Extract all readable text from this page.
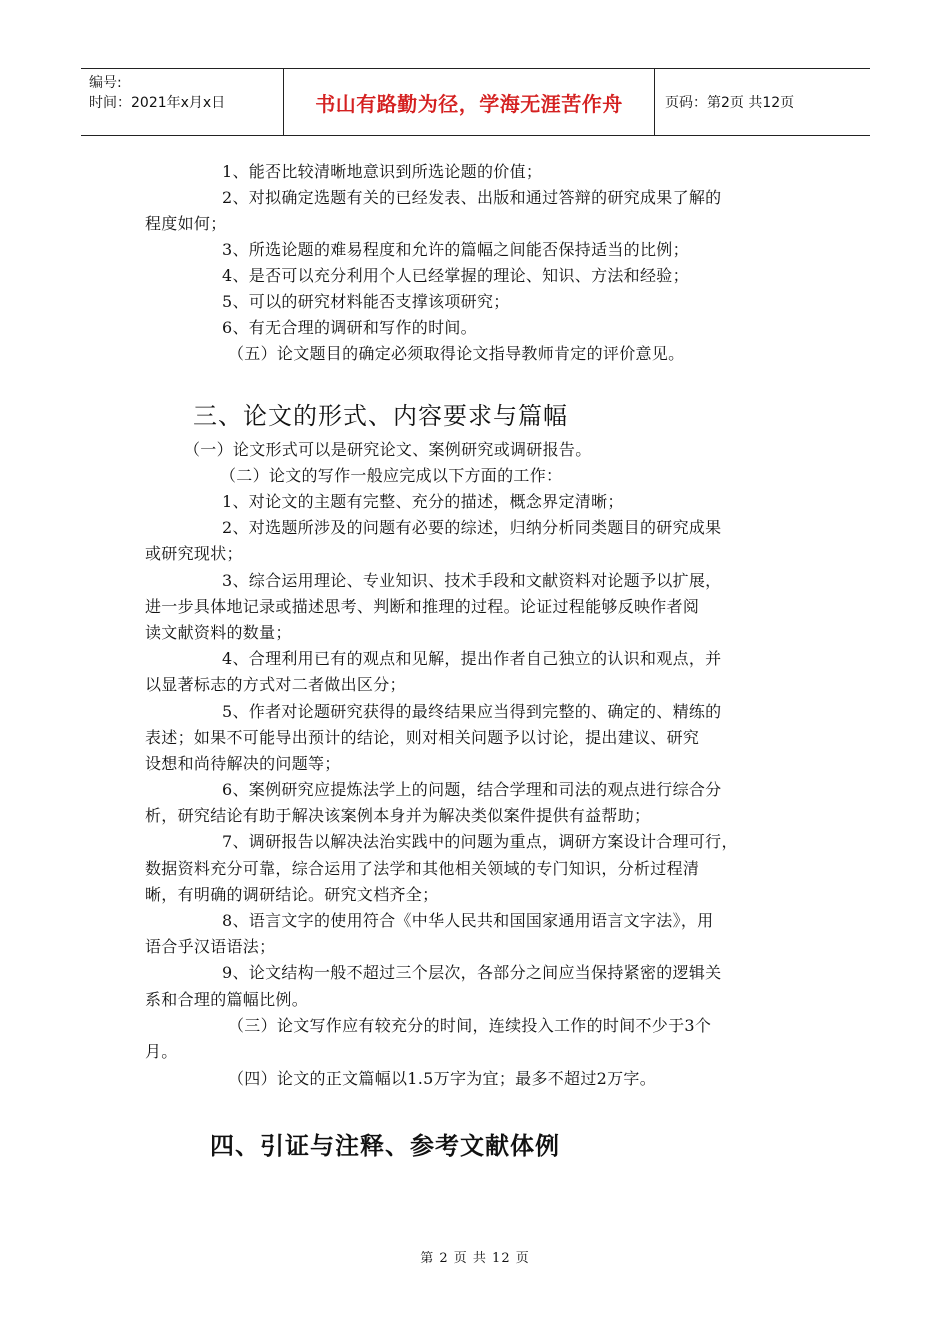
编号:
时间：2021年x月x日	书山有路勤为径，学海无涯苦作舟	页码：第2页 共12页
1、能否比较清晰地意识到所选论题的价值；
2、对拟确定选题有关的已经发表、出版和通过答辩的研究成果了解的
程度如何；
3、所选论题的难易程度和允许的篇幅之间能否保持适当的比例；
4、是否可以充分利用个人已经掌握的理论、知识、方法和经验；
5、可以的研究材料能否支撑该项研究；
6、有无合理的调研和写作的时间。
（五）论文题目的确定必须取得论文指导教师肯定的评价意见。
三、论文的形式、内容要求与篇幅
（一）论文形式可以是研究论文、案例研究或调研报告。
（二）论文的写作一般应完成以下方面的工作：
1、对论文的主题有完整、充分的描述，概念界定清晰；
2、对选题所涉及的问题有必要的综述，归纳分析同类题目的研究成果
或研究现状；
3、综合运用理论、专业知识、技术手段和文献资料对论题予以扩展，
进一步具体地记录或描述思考、判断和推理的过程。论证过程能够反映作者阅
读文献资料的数量；
4、合理利用已有的观点和见解，提出作者自己独立的认识和观点，并
以显著标志的方式对二者做出区分；
5、作者对论题研究获得的最终结果应当得到完整的、确定的、精练的
表述；如果不可能导出预计的结论，则对相关问题予以讨论，提出建议、研究
设想和尚待解决的问题等；
6、案例研究应提炼法学上的问题，结合学理和司法的观点进行综合分
析，研究结论有助于解决该案例本身并为解决类似案件提供有益帮助；
7、调研报告以解决法治实践中的问题为重点，调研方案设计合理可行，
数据资料充分可靠，综合运用了法学和其他相关领域的专门知识，分析过程清
晰，有明确的调研结论。研究文档齐全；
8、语言文字的使用符合《中华人民共和国国家通用语言文字法》，用
语合乎汉语语法；
9、论文结构一般不超过三个层次，各部分之间应当保持紧密的逻辑关
系和合理的篇幅比例。
（三）论文写作应有较充分的时间，连续投入工作的时间不少于3个
月。
（四）论文的正文篇幅以1.5万字为宜；最多不超过2万字。
四、引证与注释、参考文献体例
第 2 页 共 12 页
